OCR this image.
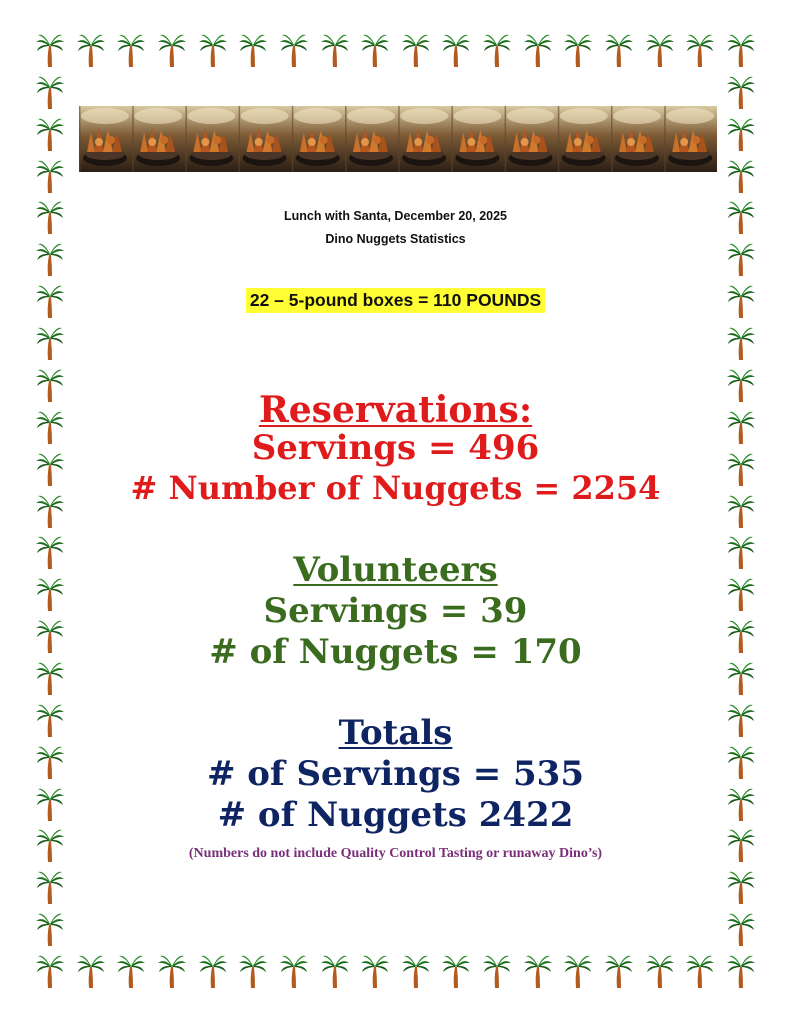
Lunch with Santa, December 20, 2025
Dino Nuggets Statistics
22 – 5-pound boxes = 110 POUNDS
Reservations:
Servings = 496
# Number of Nuggets = 2254
Volunteers
Servings = 39
# of Nuggets = 170
Totals
# of Servings = 535
# of Nuggets 2422
(Numbers do not include Quality Control Tasting or runaway Dino’s)
